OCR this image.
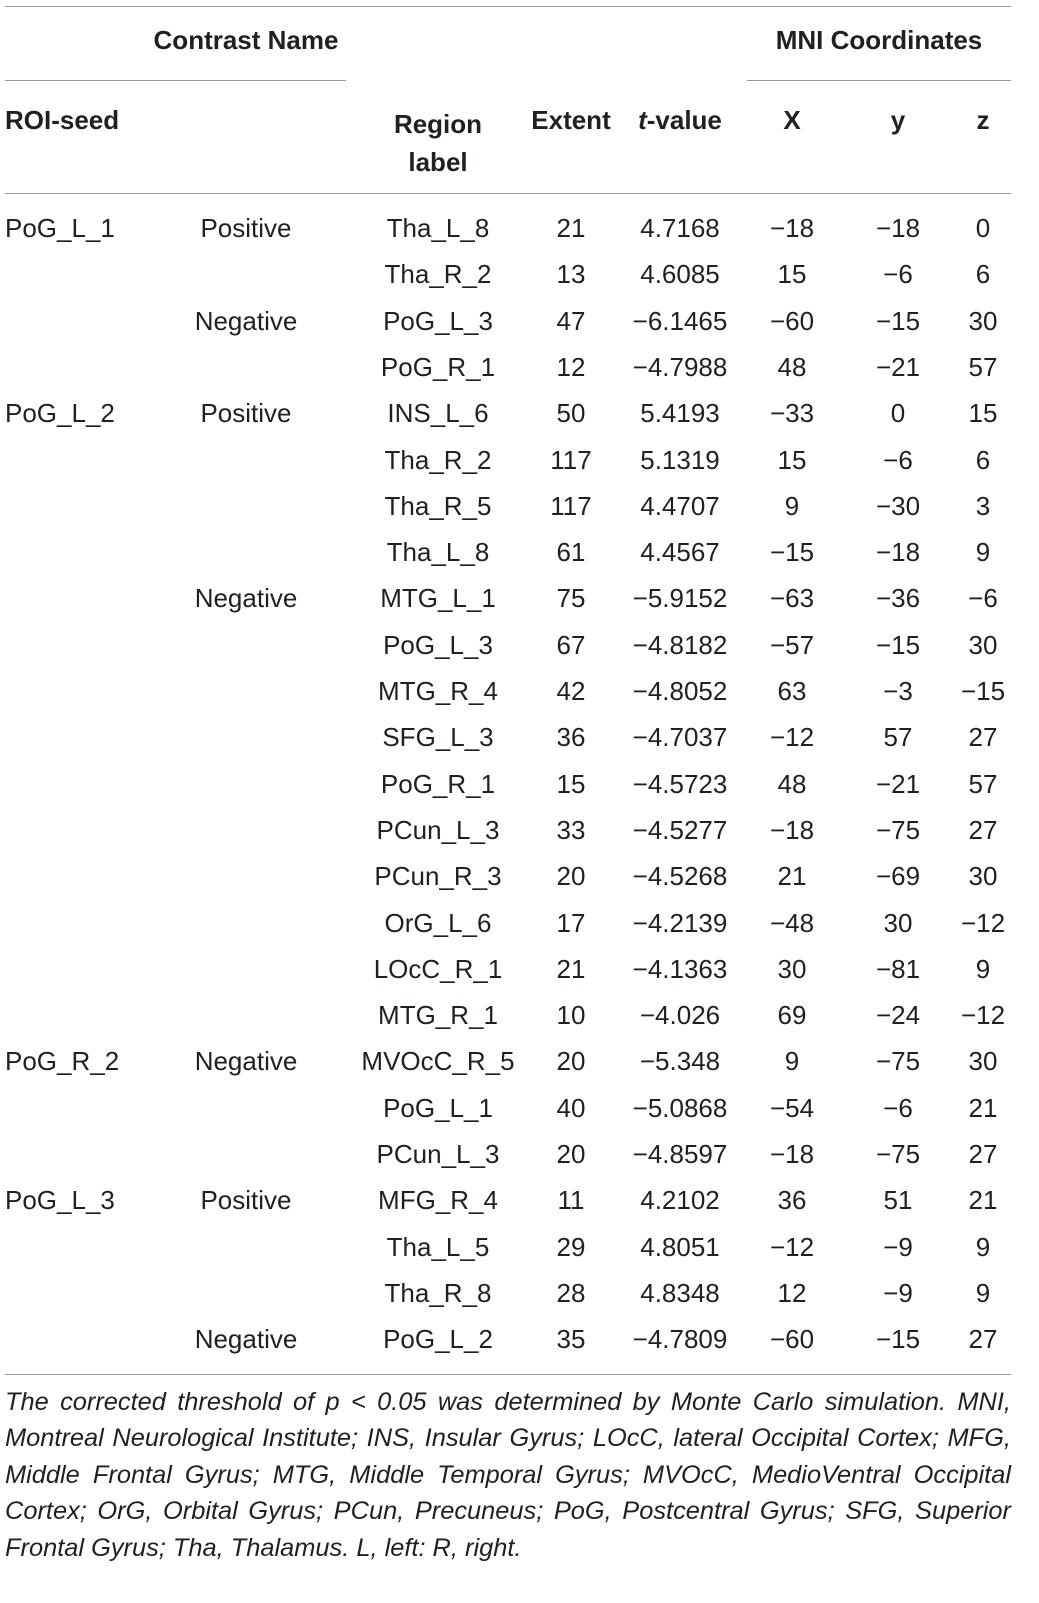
Contrast Name	MNI Coordinates
ROI-seed	Region
label
Extent	t-value	X	y	z
PoG_L_1	Positive	Tha_L_8	21	4.7168	−18	−18	0
Tha_R_2	13	4.6085	15	−6	6
Negative	PoG_L_3	47	−6.1465	−60	−15	30
PoG_R_1	12	−4.7988	48	−21	57
PoG_L_2	Positive	INS_L_6	50	5.4193	−33	0	15
Tha_R_2	117	5.1319	15	−6	6
Tha_R_5	117	4.4707	9	−30	3
Tha_L_8	61	4.4567	−15	−18	9
Negative	MTG_L_1	75	−5.9152	−63	−36	−6
PoG_L_3	67	−4.8182	−57	−15	30
MTG_R_4	42	−4.8052	63	−3	−15
SFG_L_3	36	−4.7037	−12	57	27
PoG_R_1	15	−4.5723	48	−21	57
PCun_L_3	33	−4.5277	−18	−75	27
PCun_R_3	20	−4.5268	21	−69	30
OrG_L_6	17	−4.2139	−48	30	−12
LOcC_R_1	21	−4.1363	30	−81	9
MTG_R_1	10	−4.026	69	−24	−12
PoG_R_2	Negative	MVOcC_R_5	20	−5.348	9	−75	30
PoG_L_1	40	−5.0868	−54	−6	21
PCun_L_3	20	−4.8597	−18	−75	27
PoG_L_3	Positive	MFG_R_4	11	4.2102	36	51	21
Tha_L_5	29	4.8051	−12	−9	9
Tha_R_8	28	4.8348	12	−9	9
Negative	PoG_L_2	35	−4.7809	−60	−15	27
The corrected threshold of p < 0.05 was determined by Monte Carlo simulation. MNI, Montreal Neurological Institute; INS, Insular Gyrus; LOcC, lateral Occipital Cortex; MFG, Middle Frontal Gyrus; MTG, Middle Temporal Gyrus; MVOcC, MedioVentral Occipital Cortex; OrG, Orbital Gyrus; PCun, Precuneus; PoG, Postcentral Gyrus; SFG, Superior Frontal Gyrus; Tha, Thalamus. L, left: R, right.
